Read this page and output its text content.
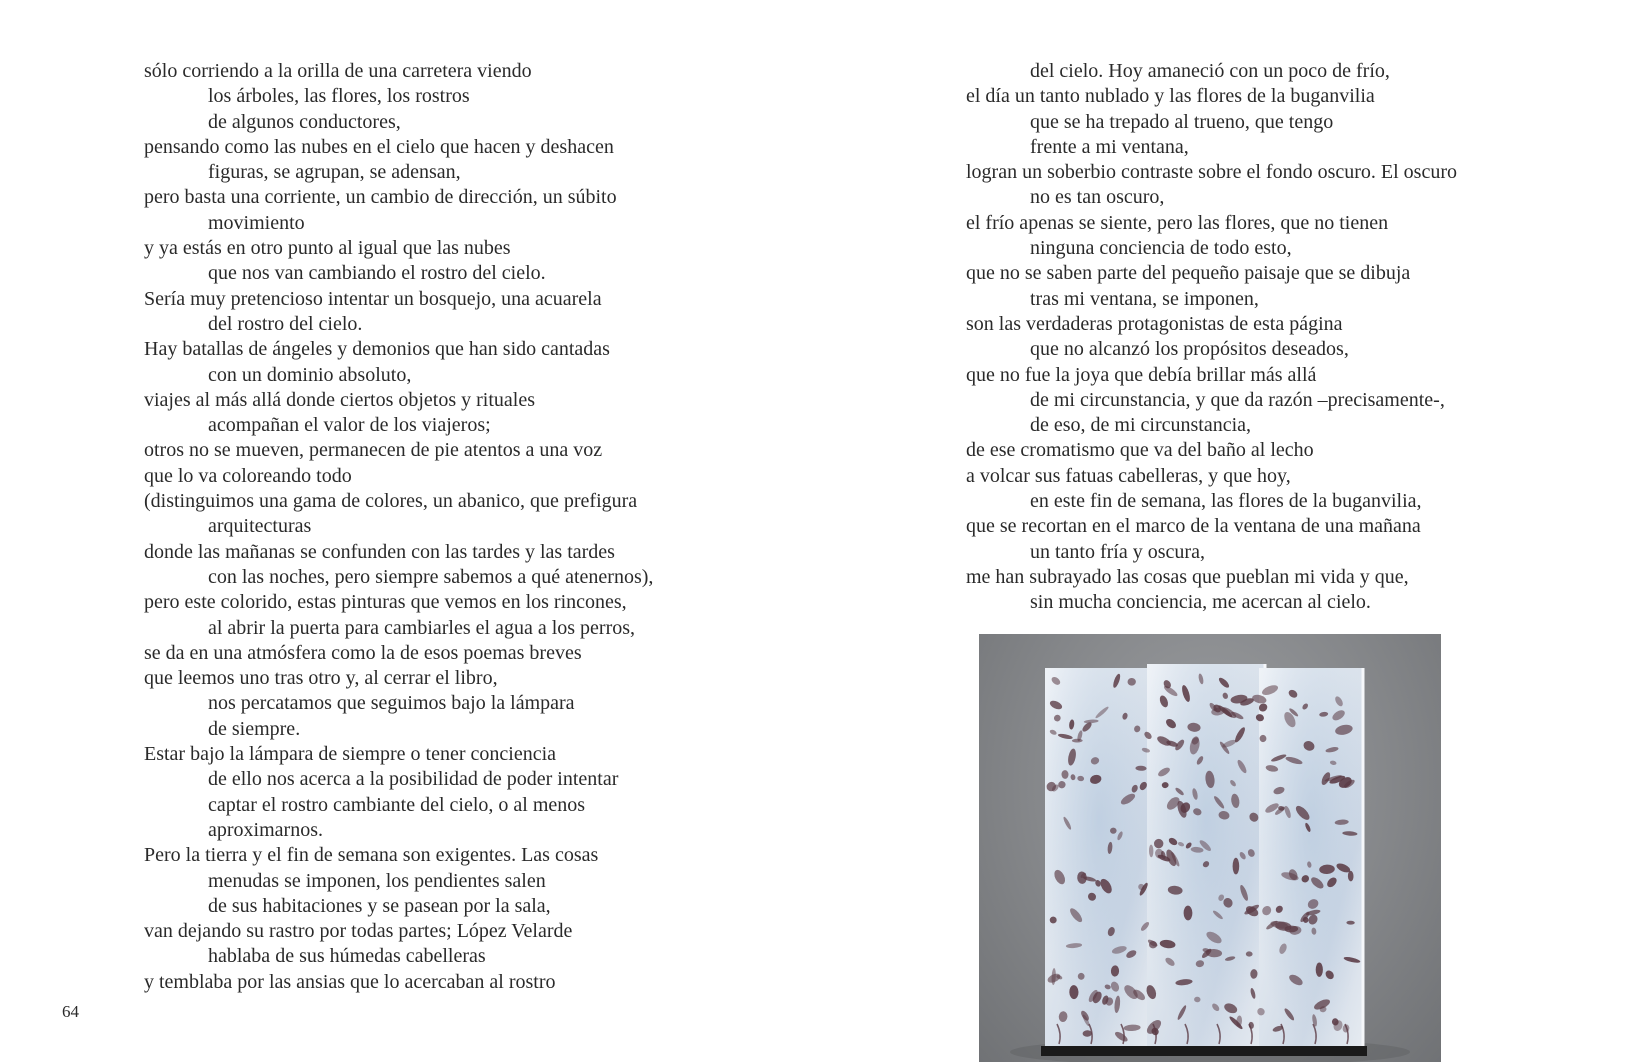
sólo corriendo a la orilla de una carretera viendo
los árboles, las flores, los rostros
de algunos conductores,
pensando como las nubes en el cielo que hacen y deshacen
figuras, se agrupan, se adensan,
pero basta una corriente, un cambio de dirección, un súbito
movimiento
y ya estás en otro punto al igual que las nubes
que nos van cambiando el rostro del cielo.
Sería muy pretencioso intentar un bosquejo, una acuarela
del rostro del cielo.
Hay batallas de ángeles y demonios que han sido cantadas
con un dominio absoluto,
viajes al más allá donde ciertos objetos y rituales
acompañan el valor de los viajeros;
otros no se mueven, permanecen de pie atentos a una voz
que lo va coloreando todo
(distinguimos una gama de colores, un abanico, que prefigura
arquitecturas
donde las mañanas se confunden con las tardes y las tardes
con las noches, pero siempre sabemos a qué atenernos),
pero este colorido, estas pinturas que vemos en los rincones,
al abrir la puerta para cambiarles el agua a los perros,
se da en una atmósfera como la de esos poemas breves
que leemos uno tras otro y, al cerrar el libro,
nos percatamos que seguimos bajo la lámpara
de siempre.
Estar bajo la lámpara de siempre o tener conciencia
de ello nos acerca a la posibilidad de poder intentar
captar el rostro cambiante del cielo, o al menos
aproximarnos.
Pero la tierra y el fin de semana son exigentes. Las cosas
menudas se imponen, los pendientes salen
de sus habitaciones y se pasean por la sala,
van dejando su rastro por todas partes; López Velarde
hablaba de sus húmedas cabelleras
y temblaba por las ansias que lo acercaban al rostro
64
del cielo. Hoy amaneció con un poco de frío,
el día un tanto nublado y las flores de la buganvilia
que se ha trepado al trueno, que tengo
frente a mi ventana,
logran un soberbio contraste sobre el fondo oscuro. El oscuro
no es tan oscuro,
el frío apenas se siente, pero las flores, que no tienen
ninguna conciencia de todo esto,
que no se saben parte del pequeño paisaje que se dibuja
tras mi ventana, se imponen,
son las verdaderas protagonistas de esta página
que no alcanzó los propósitos deseados,
que no fue la joya que debía brillar más allá
de mi circunstancia, y que da razón –precisamente-,
de eso, de mi circunstancia,
de ese cromatismo que va del baño al lecho
a volcar sus fatuas cabelleras, y que hoy,
en este fin de semana, las flores de la buganvilia,
que se recortan en el marco de la ventana de una mañana
un tanto fría y oscura,
me han subrayado las cosas que pueblan mi vida y que,
sin mucha conciencia, me acercan al cielo.
